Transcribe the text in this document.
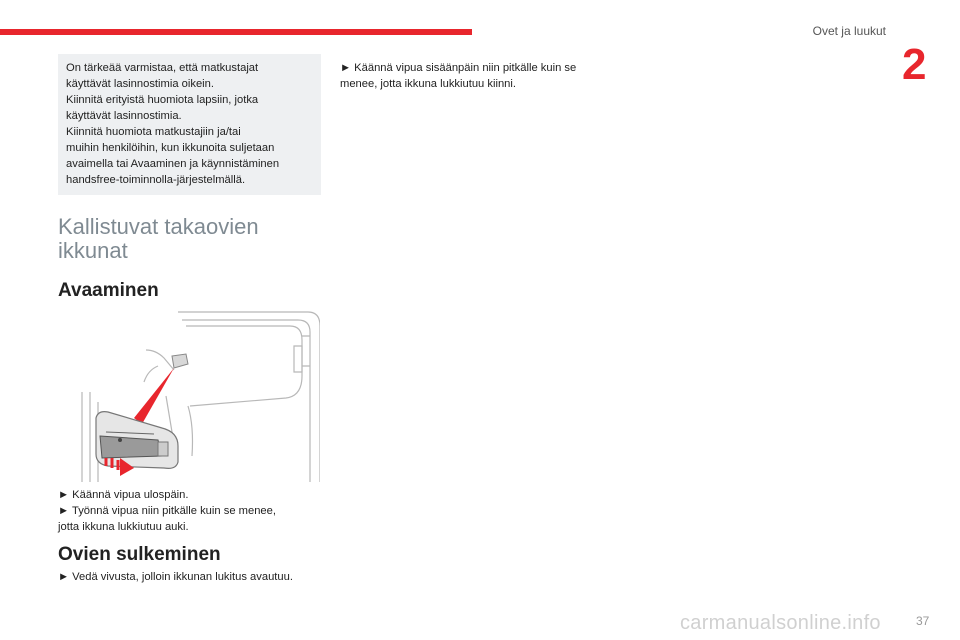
Ovet ja luukut
2

On tärkeää varmistaa, että matkustajat

käyttävät lasinnostimia oikein.

Kiinnitä erityistä huomiota lapsiin, jotka

käyttävät lasinnostimia.

Kiinnitä huomiota matkustajiin ja/tai

muihin henkilöihin, kun ikkunoita suljetaan

avaimella tai Avaaminen ja käynnistäminen

handsfree-toiminnolla-järjestelmällä.

Kallistuvat takaovien
ikkunat
Avaaminen

► Käännä vipua ulospäin.

► Työnnä vipua niin pitkälle kuin se menee,

jotta ikkuna lukkiutuu auki.

Ovien sulkeminen

► Vedä vivusta, jolloin ikkunan lukitus avautuu.

► Käännä vipua sisäänpäin niin pitkälle kuin se

menee, jotta ikkuna lukkiutuu kiinni.

carmanualsonline.info	37
